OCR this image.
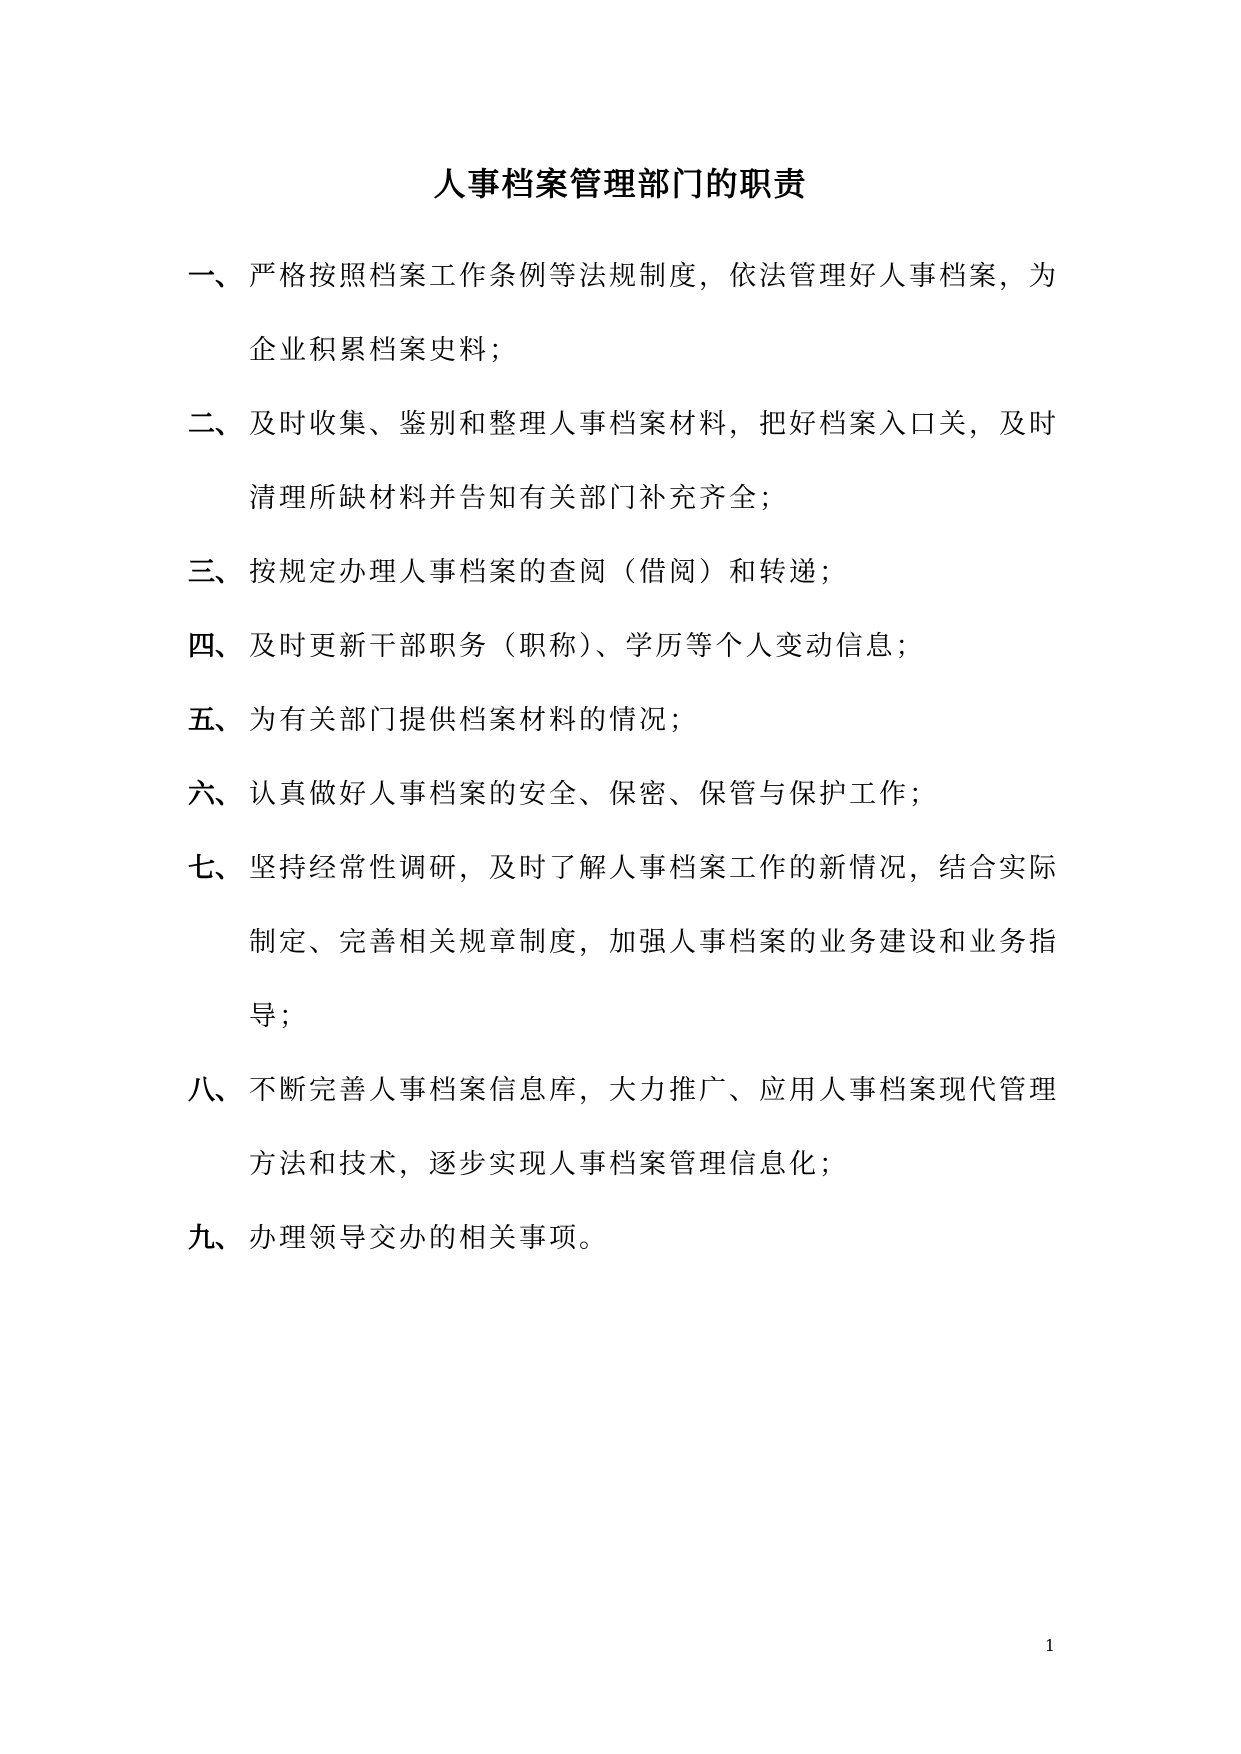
人事档案管理部门的职责
一、 严格按照档案工作条例等法规制度，依法管理好人事档案，为企业积累档案史料；
二、 及时收集、鉴别和整理人事档案材料，把好档案入口关，及时清理所缺材料并告知有关部门补充齐全；
三、 按规定办理人事档案的查阅（借阅）和转递；
四、 及时更新干部职务（职称）、学历等个人变动信息；
五、 为有关部门提供档案材料的情况；
六、 认真做好人事档案的安全、保密、保管与保护工作；
七、 坚持经常性调研，及时了解人事档案工作的新情况，结合实际制定、完善相关规章制度，加强人事档案的业务建设和业务指导；
八、 不断完善人事档案信息库，大力推广、应用人事档案现代管理方法和技术，逐步实现人事档案管理信息化；
九、 办理领导交办的相关事项。
1
